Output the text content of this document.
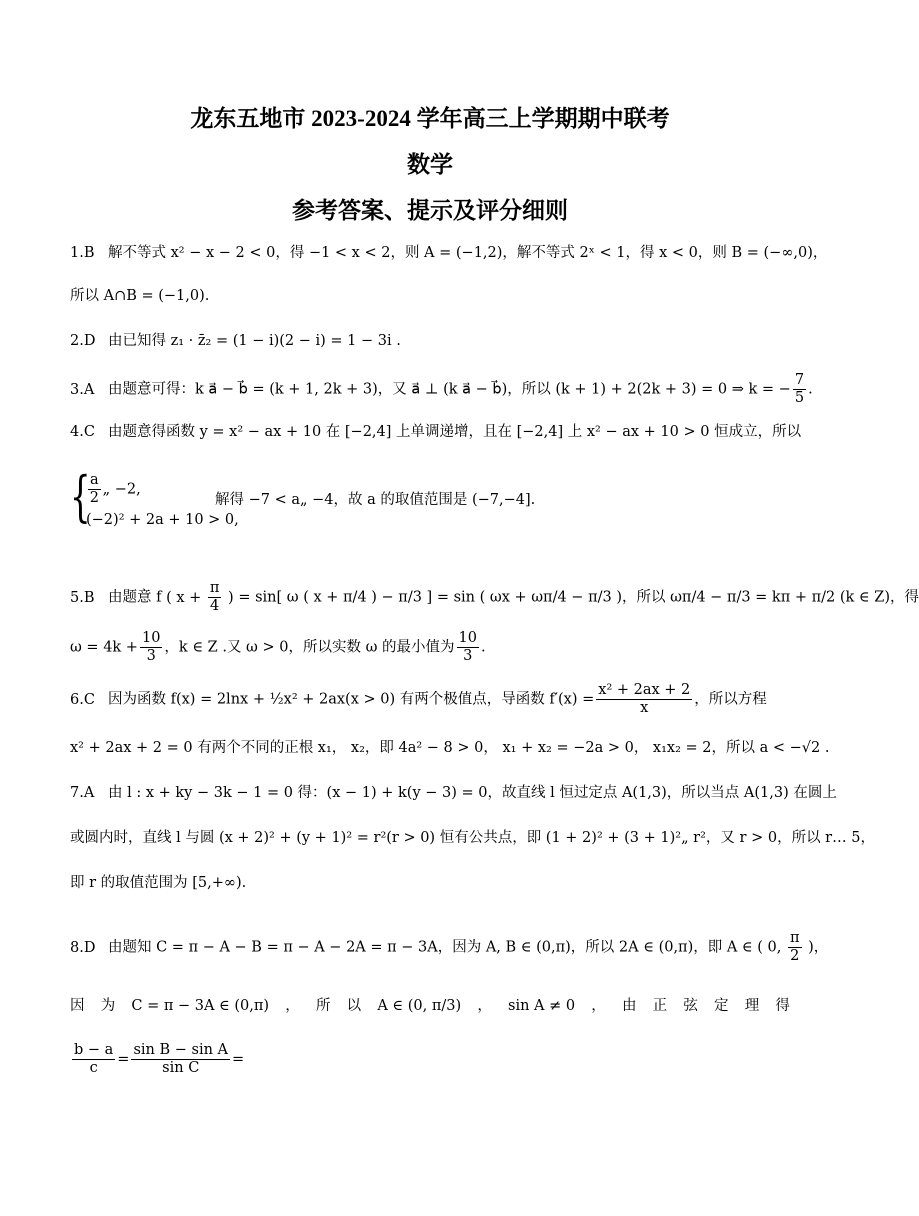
龙东五地市 2023-2024 学年高三上学期期中联考
数学
参考答案、提示及评分细则
1.B 解不等式 x² − x − 2 < 0，得 −1 < x < 2，则 A = (−1,2)，解不等式 2ˣ < 1，得 x < 0，则 B = (−∞,0)，
所以 A∩B = (−1,0).
2.D 由已知得 z₁ · z̄₂ = (1 − i)(2 − i) = 1 − 3i .
3.A 由题意可得：k a⃗ − b⃗ = (k + 1, 2k + 3)，又 a⃗ ⊥ (k a⃗ − b⃗)，所以 (k + 1) + 2(2k + 3) = 0 ⇒ k = − $\frac{7}{5}$ .
4.C 由题意得函数 y = x² − ax + 10 在 [−2,4] 上单调递增，且在 [−2,4] 上 x² − ax + 10 > 0 恒成立，所以
{
$\frac{a}{2}$ „ −2,
(−2)² + 2a + 10 > 0,
解得 −7 < a„ −4，故 a 的取值范围是 (−7,−4].
5.B 由题意 f ( $x + \frac{\pi}{4}$ ) = sin[ ω ( x + π/4 ) − π/3 ] = sin ( ωx + ωπ/4 − π/3 )，所以 ωπ/4 − π/3 = kπ + π/2 (k ∈ Z)，得
$\omega = 4k + \frac{10}{3}$ ，k ∈ Z .又 ω > 0，所以实数 ω 的最小值为 $\frac{10}{3}$ .
6.C 因为函数 f(x) = 2lnx + ½x² + 2ax(x > 0) 有两个极值点，导函数 $f'(x) = \frac{\text{x² + 2ax + 2}}{x}$ ，所以方程
x² + 2ax + 2 = 0 有两个不同的正根 x₁， x₂，即 4a² − 8 > 0， x₁ + x₂ = −2a > 0， x₁x₂ = 2，所以 a < −√2 .
7.A 由 l : x + ky − 3k − 1 = 0 得：(x − 1) + k(y − 3) = 0，故直线 l 恒过定点 A(1,3)，所以当点 A(1,3) 在圆上
或圆内时，直线 l 与圆 (x + 2)² + (y + 1)² = r²(r > 0) 恒有公共点，即 (1 + 2)² + (3 + 1)²„ r²，又 r > 0，所以 r… 5，
即 r 的取值范围为 [5,+∞).
8.D 由题知 C = π − A − B = π − A − 2A = π − 3A，因为 A, B ∈ (0,π)，所以 2A ∈ (0,π)，即 A ∈ ( 0, $\frac{\pi}{2}$ )，
因 为 C = π − 3A ∈ (0,π) ， 所 以 A ∈ (0, π/3) ， sin A ≠ 0 ， 由 正 弦 定 理 得
$\frac{b - a}{c} = \frac{\text{sin B − sin A}}{\text{sin C}}$ =
